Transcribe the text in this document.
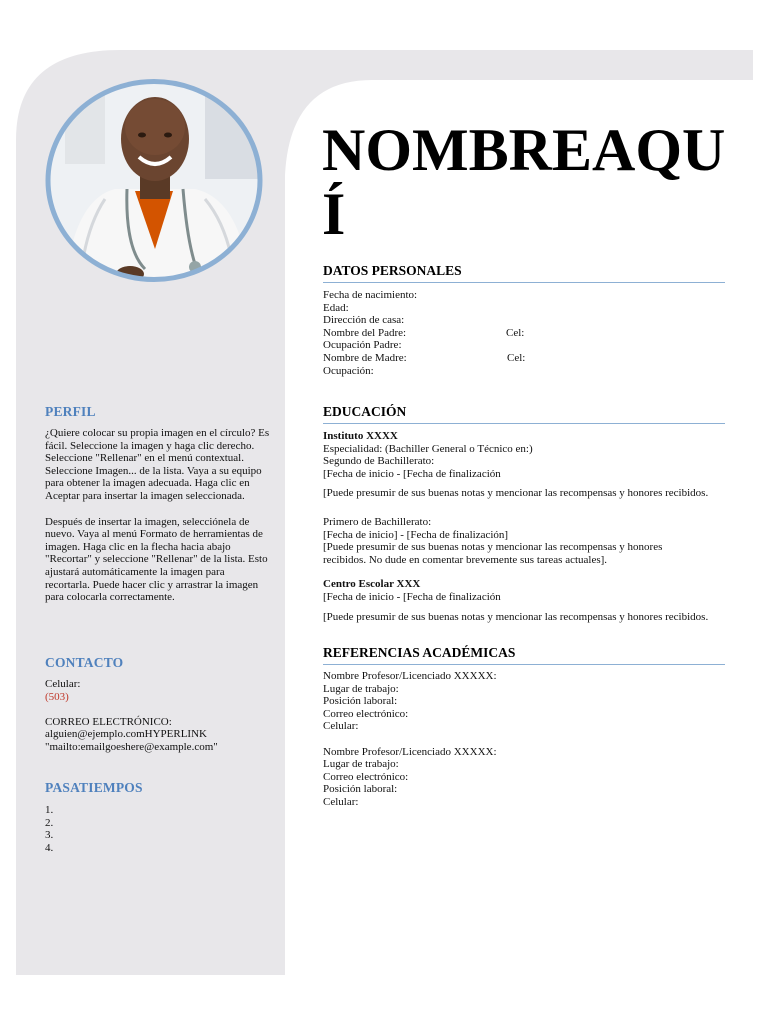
PERFIL

¿Quiere colocar su propia imagen en el círculo? Es fácil. Seleccione la imagen y haga clic derecho. Seleccione "Rellenar" en el menú contextual. Seleccione Imagen... de la lista. Vaya a su equipo para obtener la imagen adecuada. Haga clic en Aceptar para insertar la imagen seleccionada.

Después de insertar la imagen, selecciónela de nuevo. Vaya al menú Formato de herramientas de imagen. Haga clic en la flecha hacia abajo "Recortar" y seleccione "Rellenar" de la lista. Esto ajustará automáticamente la imagen para recortarla. Puede hacer clic y arrastrar la imagen para colocarla correctamente.

CONTACTO

Celular:

(503)

CORREO ELECTRÓNICO:

alguien@ejemplo.comHYPERLINK

"mailto:emailgoeshere@example.com"

PASATIEMPOS

1.

2.

3.

4.

NOMBREAQUÍ
DATOS PERSONALES
Fecha de nacimiento:
Edad:
Dirección de casa:
Nombre del Padre:	Cel:
Ocupación Padre:
Nombre de Madre:	Cel:
Ocupación:
EDUCACIÓN
Instituto XXXX
Especialidad: (Bachiller General o Técnico en:)
Segundo de Bachillerato:
[Fecha de inicio - [Fecha de finalización
[Puede presumir de sus buenas notas y mencionar las recompensas y honores recibidos.
Primero de Bachillerato:
[Fecha de inicio] - [Fecha de finalización]
[Puede presumir de sus buenas notas y mencionar las recompensas y honores recibidos. No dude en comentar brevemente sus tareas actuales].
Centro Escolar XXX
[Fecha de inicio - [Fecha de finalización
[Puede presumir de sus buenas notas y mencionar las recompensas y honores recibidos.
REFERENCIAS ACADÉMICAS
Nombre Profesor/Licenciado XXXXX:
Lugar de trabajo:
Posición laboral:
Correo electrónico:
Celular:
Nombre Profesor/Licenciado XXXXX:
Lugar de trabajo:
Correo electrónico:
Posición laboral:
Celular:
